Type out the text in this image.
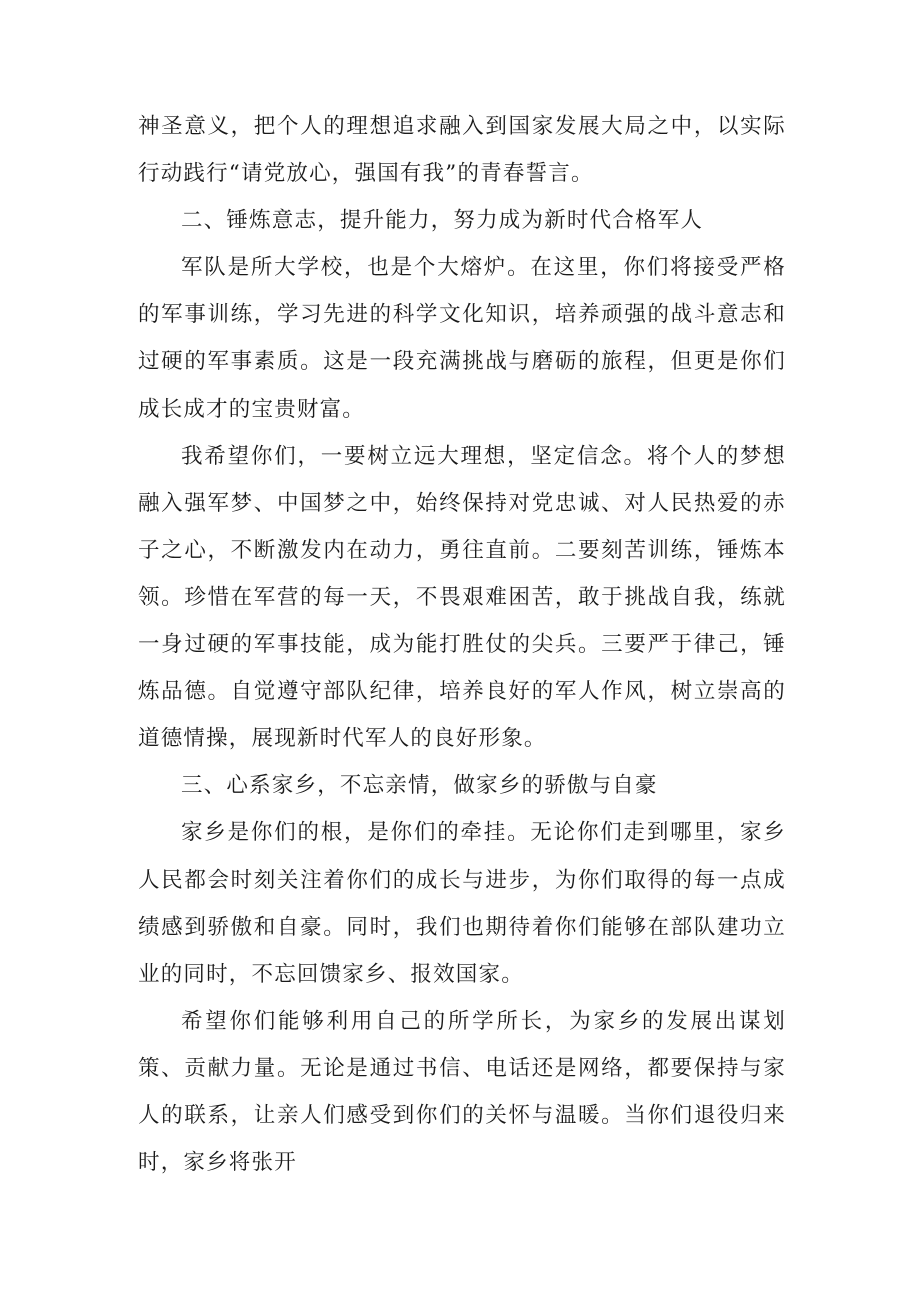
神圣意义，把个人的理想追求融入到国家发展大局之中，以实际行动践行“请党放心，强国有我”的青春誓言。

二、锤炼意志，提升能力，努力成为新时代合格军人

军队是所大学校，也是个大熔炉。在这里，你们将接受严格的军事训练，学习先进的科学文化知识，培养顽强的战斗意志和过硬的军事素质。这是一段充满挑战与磨砺的旅程，但更是你们成长成才的宝贵财富。

我希望你们，一要树立远大理想，坚定信念。将个人的梦想融入强军梦、中国梦之中，始终保持对党忠诚、对人民热爱的赤子之心，不断激发内在动力，勇往直前。二要刻苦训练，锤炼本领。珍惜在军营的每一天，不畏艰难困苦，敢于挑战自我，练就一身过硬的军事技能，成为能打胜仗的尖兵。三要严于律己，锤炼品德。自觉遵守部队纪律，培养良好的军人作风，树立崇高的道德情操，展现新时代军人的良好形象。

三、心系家乡，不忘亲情，做家乡的骄傲与自豪

家乡是你们的根，是你们的牵挂。无论你们走到哪里，家乡人民都会时刻关注着你们的成长与进步，为你们取得的每一点成绩感到骄傲和自豪。同时，我们也期待着你们能够在部队建功立业的同时，不忘回馈家乡、报效国家。

希望你们能够利用自己的所学所长，为家乡的发展出谋划策、贡献力量。无论是通过书信、电话还是网络，都要保持与家人的联系，让亲人们感受到你们的关怀与温暖。当你们退役归来时，家乡将张开
